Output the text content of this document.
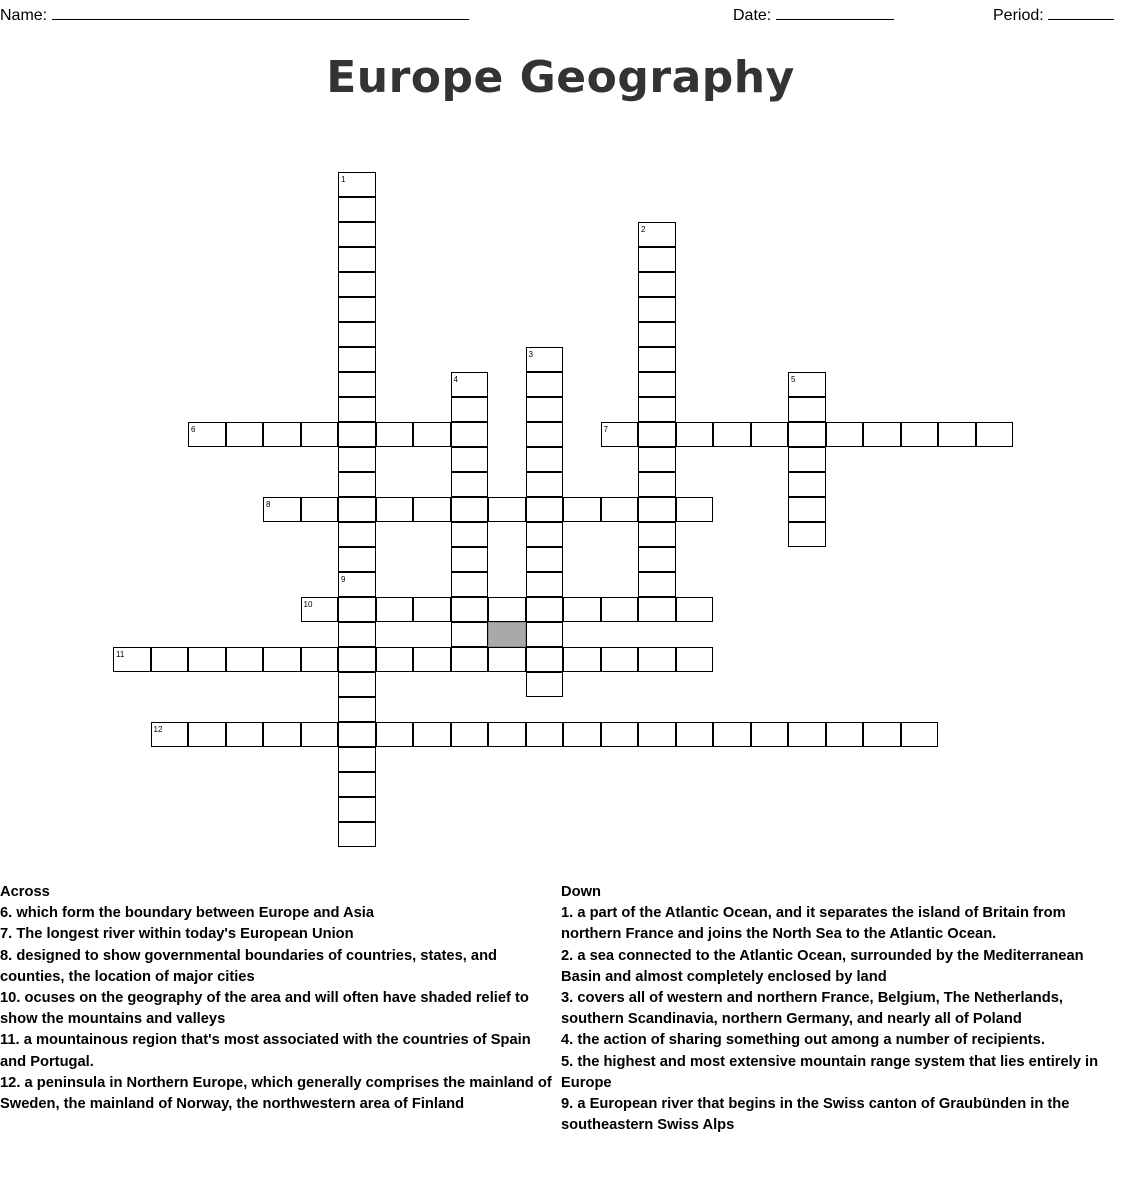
Name:	Date:	Period:
Europe Geography
1
9
2
3
4	5
6	7
8
10
11
12

Across

6. which form the boundary between Europe and Asia

7. The longest river within today's European Union

8. designed to show governmental boundaries of countries, states, and counties, the location of major cities

10. ocuses on the geography of the area and will often have shaded relief to show the mountains and valleys

11. a mountainous region that's most associated with the countries of Spain and Portugal.

12. a peninsula in Northern Europe, which generally comprises the mainland of Sweden, the mainland of Norway, the northwestern area of Finland

Down

1. a part of the Atlantic Ocean, and it separates the island of Britain from northern France and joins the North Sea to the Atlantic Ocean.

2. a sea connected to the Atlantic Ocean, surrounded by the Mediterranean Basin and almost completely enclosed by land

3. covers all of western and northern France, Belgium, The Netherlands, southern Scandinavia, northern Germany, and nearly all of Poland

4. the action of sharing something out among a number of recipients.

5. the highest and most extensive mountain range system that lies entirely in Europe

9. a European river that begins in the Swiss canton of Graubünden in the southeastern Swiss Alps
